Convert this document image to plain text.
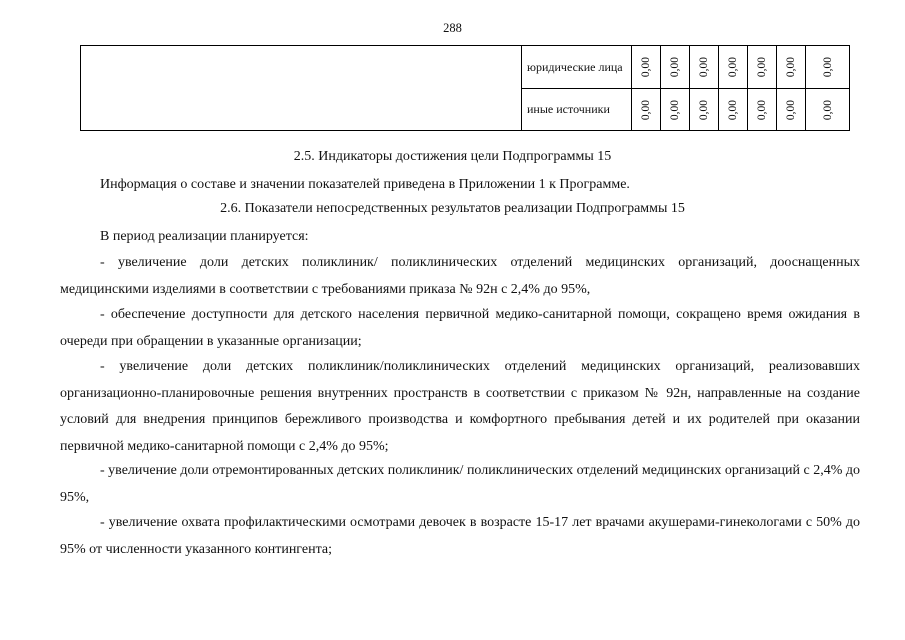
288
	юридические лица	0,00	0,00	0,00	0,00	0,00	0,00	0,00

	иные источники	0,00	0,00	0,00	0,00	0,00	0,00	0,00
2.5. Индикаторы достижения цели Подпрограммы 15
Информация о составе и значении показателей приведена в Приложении 1 к Программе.
2.6. Показатели непосредственных результатов реализации Подпрограммы 15
В период реализации планируется:
- увеличение доли детских поликлиник/ поликлинических отделений медицинских организаций, дооснащенных медицинскими изделиями в соответствии с требованиями приказа № 92н с 2,4% до 95%,
- обеспечение доступности для детского населения первичной медико-санитарной помощи, сокращено время ожидания в очереди при обращении в указанные организации;
- увеличение доли детских поликлиник/поликлинических отделений медицинских организаций, реализовавших организационно-планировочные решения внутренних пространств в соответствии с приказом № 92н, направленные на создание условий для внедрения принципов бережливого производства и комфортного пребывания детей и их родителей при оказании первичной медико-санитарной помощи с 2,4% до 95%;
- увеличение доли отремонтированных детских поликлиник/ поликлинических отделений медицинских организаций с 2,4% до 95%,
- увеличение охвата профилактическими осмотрами девочек в возрасте 15-17 лет врачами акушерами-гинекологами с 50% до 95% от численности указанного контингента;
